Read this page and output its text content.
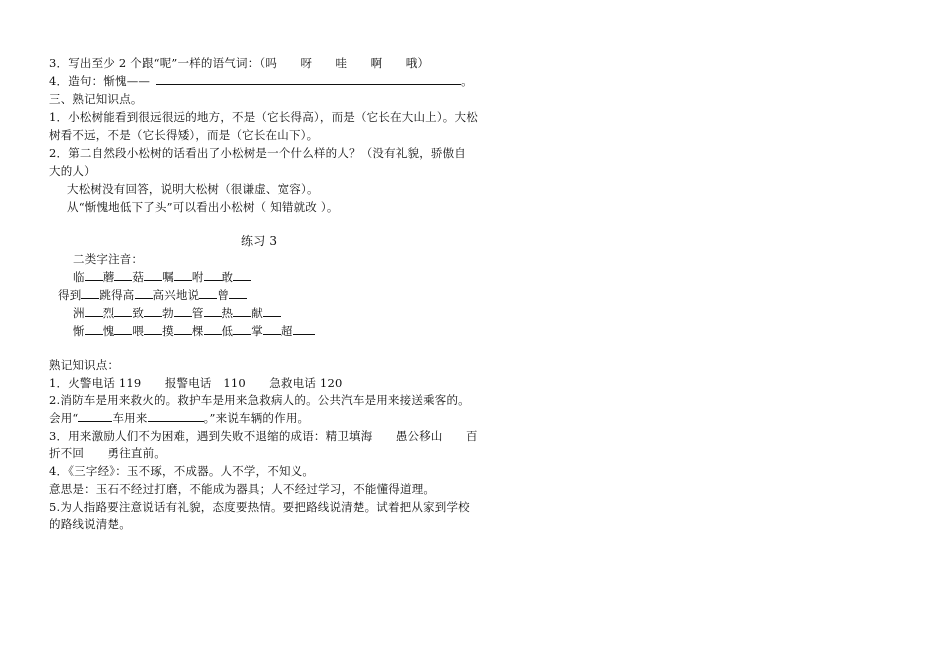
3．写出至少 2 个跟“呢”一样的语气词：（吗　　呀　　哇　　啊　　哦）
4．造句：惭愧——	。
三、熟记知识点。
1．小松树能看到很远很远的地方，不是（它长得高），而是（它长在大山上）。大松
树看不远，不是（它长得矮），而是（它长在山下）。
2．第二自然段小松树的话看出了小松树是一个什么样的人？（没有礼貌，骄傲自
大的人）
大松树没有回答，说明大松树（很谦虚、宽容）。
从“惭愧地低下了头”可以看出小松树（ 知错就改 ）。
练习 3
二类字注音：
临 蘑 菇 嘱 咐 敢
得到 跳得高 高兴地说 曾
洲 烈 致 勃 管 热 献
惭 愧 喂 摸 棵 低 掌 超
熟记知识点：
1．火警电话 119　　报警电话　110　　急救电话 120
2.消防车是用来救火的。救护车是用来急救病人的。公共汽车是用来接送乘客的。
会用“	车用来	。”来说车辆的作用。
3．用来激励人们不为困难，遇到失败不退缩的成语：精卫填海　　愚公移山　　百
折不回　　勇往直前。
4．《三字经》：玉不琢，不成器。人不学，不知义。
意思是：玉石不经过打磨，不能成为器具；人不经过学习，不能懂得道理。
5.为人指路要注意说话有礼貌，态度要热情。要把路线说清楚。试着把从家到学校
的路线说清楚。
